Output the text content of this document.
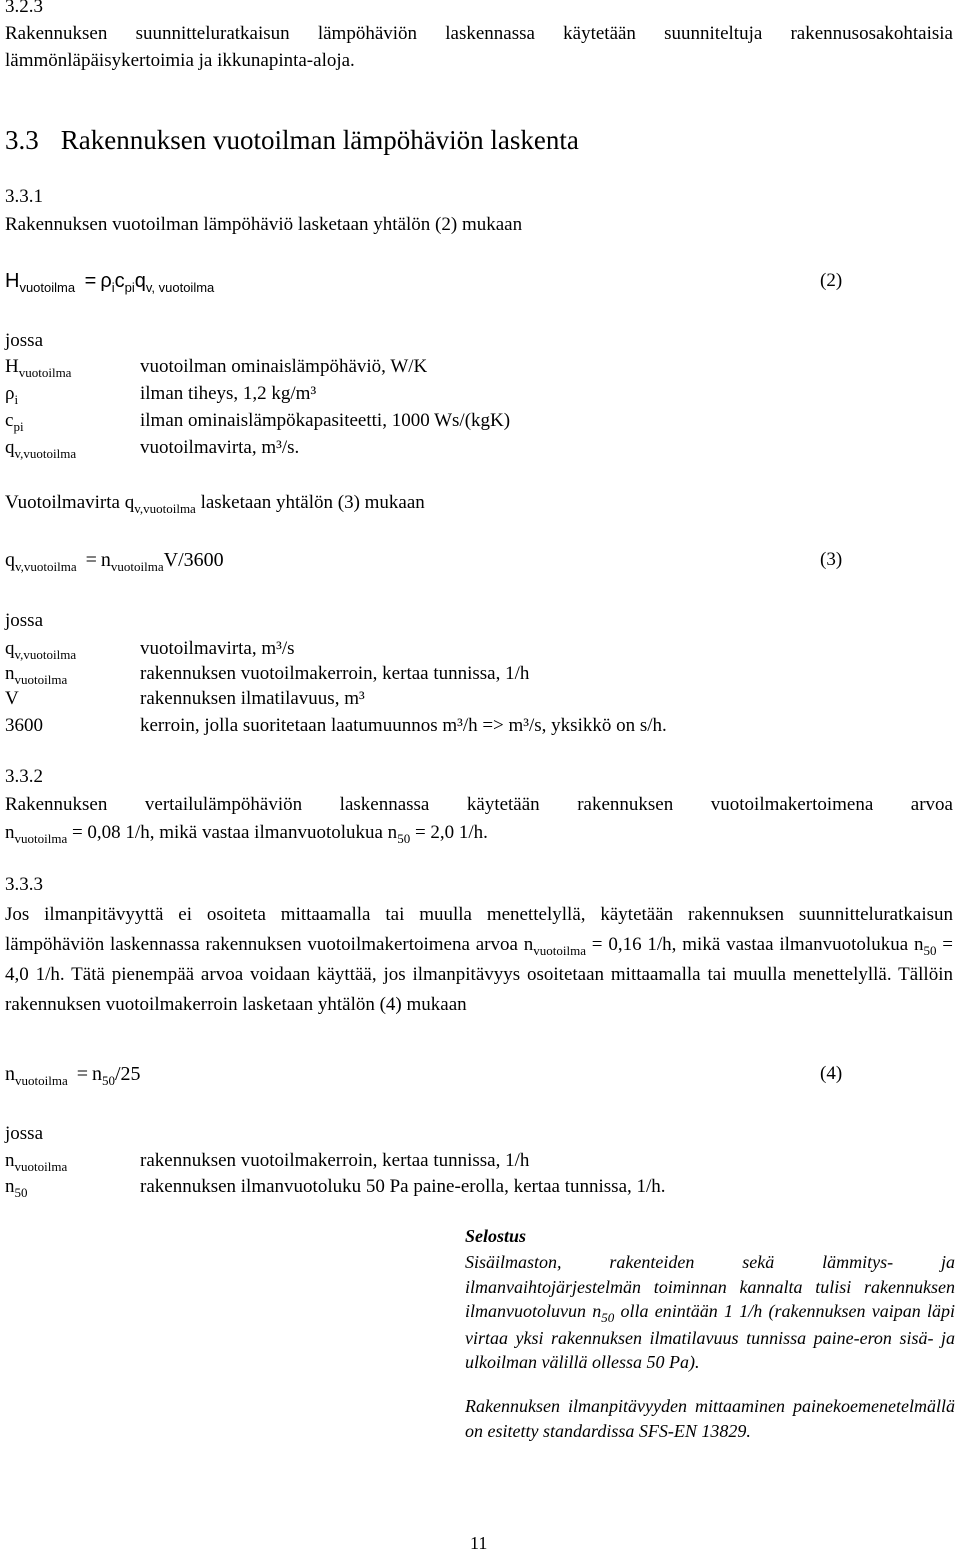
3.2.3
Rakennuksen suunnitteluratkaisun lämpöhäviön laskennassa käytetään suunniteltuja rakennusosakohtaisia lämmönläpäisykertoimia ja ikkunapinta-aloja.
3.3 Rakennuksen vuotoilman lämpöhäviön laskenta
3.3.1
Rakennuksen vuotoilman lämpöhäviö lasketaan yhtälön (2) mukaan
$H_{vuotoilma} = \rho_ic_{pi}q_{v, vuotoilma}$	(2)
jossa
$H_{vuotoilma}$	vuotoilman ominaislämpöhäviö, W/K
$\rho_i$	ilman tiheys, 1,2 kg/m³
$c_{pi}$	ilman ominaislämpökapasiteetti, 1000 Ws/(kgK)
$q_{v,vuotoilma}$	vuotoilmavirta, m³/s.
Vuotoilmavirta $q_{v,vuotoilma}$ lasketaan yhtälön (3) mukaan
$q_{v,vuotoilma} = n_{vuotoilma}V/3600$	(3)
jossa
$q_{v,vuotoilma}$	vuotoilmavirta, m³/s
$n_{vuotoilma}$	rakennuksen vuotoilmakerroin, kertaa tunnissa, 1/h
V	rakennuksen ilmatilavuus, m³
3600	kerroin, jolla suoritetaan laatumuunnos m³/h => m³/s, yksikkö on s/h.
3.3.2
Rakennuksen vertailulämpöhäviön laskennassa käytetään rakennuksen vuotoilmakertoimena arvoa
$n_{vuotoilma} = 0,08$ 1/h, mikä vastaa ilmanvuotolukua $n_{50} = 2,0$ 1/h.
3.3.3
Jos ilmanpitävyyttä ei osoiteta mittaamalla tai muulla menettelyllä, käytetään rakennuksen suunnitteluratkaisun lämpöhäviön laskennassa rakennuksen vuotoilmakertoimena arvoa $n_{vuotoilma} = 0,16$ 1/h, mikä vastaa ilmanvuotolukua $n_{50} = 4,0$ 1/h. Tätä pienempää arvoa voidaan käyttää, jos ilmanpitävyys osoitetaan mittaamalla tai muulla menettelyllä. Tällöin rakennuksen vuotoilmakerroin lasketaan yhtälön (4) mukaan
$n_{vuotoilma} = n_{50}/25$	(4)
jossa
$n_{vuotoilma}$	rakennuksen vuotoilmakerroin, kertaa tunnissa, 1/h
$n_{50}$	rakennuksen ilmanvuotoluku 50 Pa paine-erolla, kertaa tunnissa, 1/h.
Selostus
Sisäilmaston, rakenteiden sekä lämmitys- ja ilmanvaihtojärjestelmän toiminnan kannalta tulisi rakennuksen ilmanvuotoluvun $n_{50}$ olla enintään 1 1/h (rakennuksen vaipan läpi virtaa yksi rakennuksen ilmatilavuus tunnissa paine-eron sisä- ja ulkoilman välillä ollessa 50 Pa).
Rakennuksen ilmanpitävyyden mittaaminen painekoemenetelmällä on esitetty standardissa SFS-EN 13829.
11
